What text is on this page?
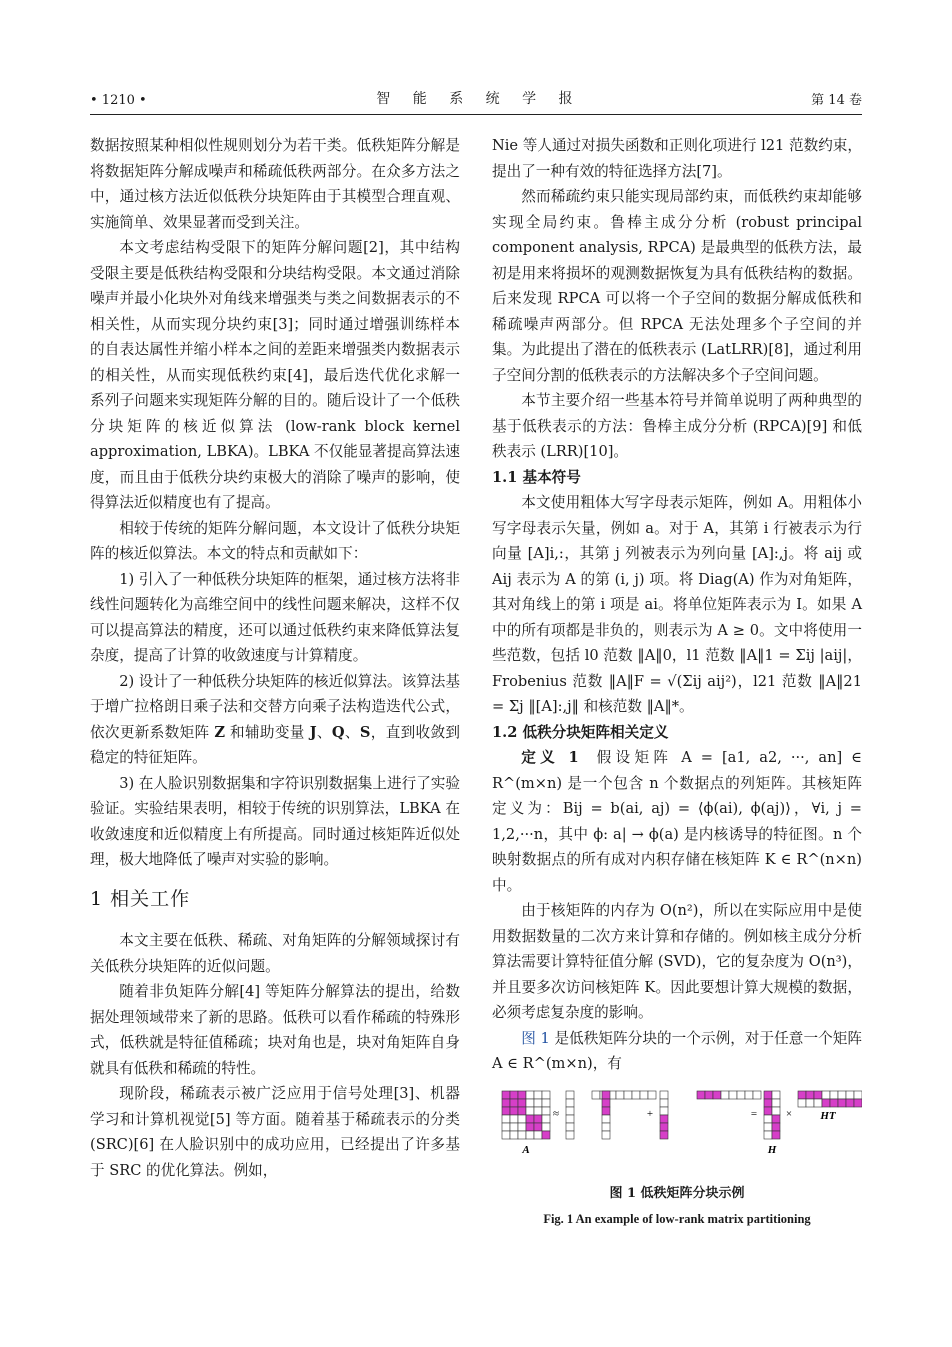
• 1210 •	智 能 系 统 学 报	第 14 卷

数据按照某种相似性规则划分为若干类。低秩矩阵分解是将数据矩阵分解成噪声和稀疏低秩两部分。在众多方法之中，通过核方法近似低秩分块矩阵由于其模型合理直观、实施简单、效果显著而受到关注。

本文考虑结构受限下的矩阵分解问题[2]，其中结构受限主要是低秩结构受限和分块结构受限。本文通过消除噪声并最小化块外对角线来增强类与类之间数据表示的不相关性，从而实现分块约束[3]；同时通过增强训练样本的自表达属性并缩小样本之间的差距来增强类内数据表示的相关性，从而实现低秩约束[4]，最后迭代优化求解一系列子问题来实现矩阵分解的目的。随后设计了一个低秩分块矩阵的核近似算法 (low-rank block kernel approximation, LBKA)。LBKA 不仅能显著提高算法速度，而且由于低秩分块约束极大的消除了噪声的影响，使得算法近似精度也有了提高。

相较于传统的矩阵分解问题，本文设计了低秩分块矩阵的核近似算法。本文的特点和贡献如下：

1) 引入了一种低秩分块矩阵的框架，通过核方法将非线性问题转化为高维空间中的线性问题来解决，这样不仅可以提高算法的精度，还可以通过低秩约束来降低算法复杂度，提高了计算的收敛速度与计算精度。

2) 设计了一种低秩分块矩阵的核近似算法。该算法基于增广拉格朗日乘子法和交替方向乘子法构造迭代公式，依次更新系数矩阵 Z 和辅助变量 J、Q、S，直到收敛到稳定的特征矩阵。

3) 在人脸识别数据集和字符识别数据集上进行了实验验证。实验结果表明，相较于传统的识别算法，LBKA 在收敛速度和近似精度上有所提高。同时通过核矩阵近似处理，极大地降低了噪声对实验的影响。

1 相关工作

本文主要在低秩、稀疏、对角矩阵的分解领域探讨有关低秩分块矩阵的近似问题。

随着非负矩阵分解[4] 等矩阵分解算法的提出，给数据处理领域带来了新的思路。低秩可以看作稀疏的特殊形式，低秩就是特征值稀疏；块对角也是，块对角矩阵自身就具有低秩和稀疏的特性。

现阶段，稀疏表示被广泛应用于信号处理[3]、机器学习和计算机视觉[5] 等方面。随着基于稀疏表示的分类 (SRC)[6] 在人脸识别中的成功应用，已经提出了许多基于 SRC 的优化算法。例如，

Nie 等人通过对损失函数和正则化项进行 l21 范数约束，提出了一种有效的特征选择方法[7]。

然而稀疏约束只能实现局部约束，而低秩约束却能够实现全局约束。鲁棒主成分分析 (robust principal component analysis, RPCA) 是最典型的低秩方法，最初是用来将损坏的观测数据恢复为具有低秩结构的数据。后来发现 RPCA 可以将一个子空间的数据分解成低秩和稀疏噪声两部分。但 RPCA 无法处理多个子空间的并集。为此提出了潜在的低秩表示 (LatLRR)[8]，通过利用子空间分割的低秩表示的方法解决多个子空间问题。

本节主要介绍一些基本符号并简单说明了两种典型的基于低秩表示的方法：鲁棒主成分分析 (RPCA)[9] 和低秩表示 (LRR)[10]。

1.1 基本符号

本文使用粗体大写字母表示矩阵，例如 A。用粗体小写字母表示矢量，例如 a。对于 A，其第 i 行被表示为行向量 [A]i,:，其第 j 列被表示为列向量 [A]:,j。将 aij 或 Aij 表示为 A 的第 (i, j) 项。将 Diag(A) 作为对角矩阵，其对角线上的第 i 项是 ai。将单位矩阵表示为 I。如果 A 中的所有项都是非负的，则表示为 A ≥ 0。文中将使用一些范数，包括 l0 范数 ‖A‖0，l1 范数 ‖A‖1 = Σij |aij|，Frobenius 范数 ‖A‖F = √(Σij aij²)，l21 范数 ‖A‖21 = Σj ‖[A]:,j‖ 和核范数 ‖A‖*。

1.2 低秩分块矩阵相关定义

定义 1 假设矩阵 A = [a1, a2, ···, an] ∈ R^(m×n) 是一个包含 n 个数据点的列矩阵。其核矩阵定义为：Bij = b(ai, aj) = ⟨ϕ(ai), ϕ(aj)⟩，∀i, j = 1,2,···n，其中 ϕ: a| → ϕ(a) 是内核诱导的特征图。n 个映射数据点的所有成对内积存储在核矩阵 K ∈ R^(n×n) 中。

由于核矩阵的内存为 O(n²)，所以在实际应用中是使用数据数量的二次方来计算和存储的。例如核主成分分析算法需要计算特征值分解 (SVD)，它的复杂度为 O(n³)，并且要多次访问核矩阵 K。因此要想计算大规模的数据，必须考虑复杂度的影响。

图 1 是低秩矩阵分块的一个示例，对于任意一个矩阵 A ∈ R^(m×n)，有

A
≈	+	=
H
×	HT
图 1 低秩矩阵分块示例
Fig. 1 An example of low-rank matrix partitioning
